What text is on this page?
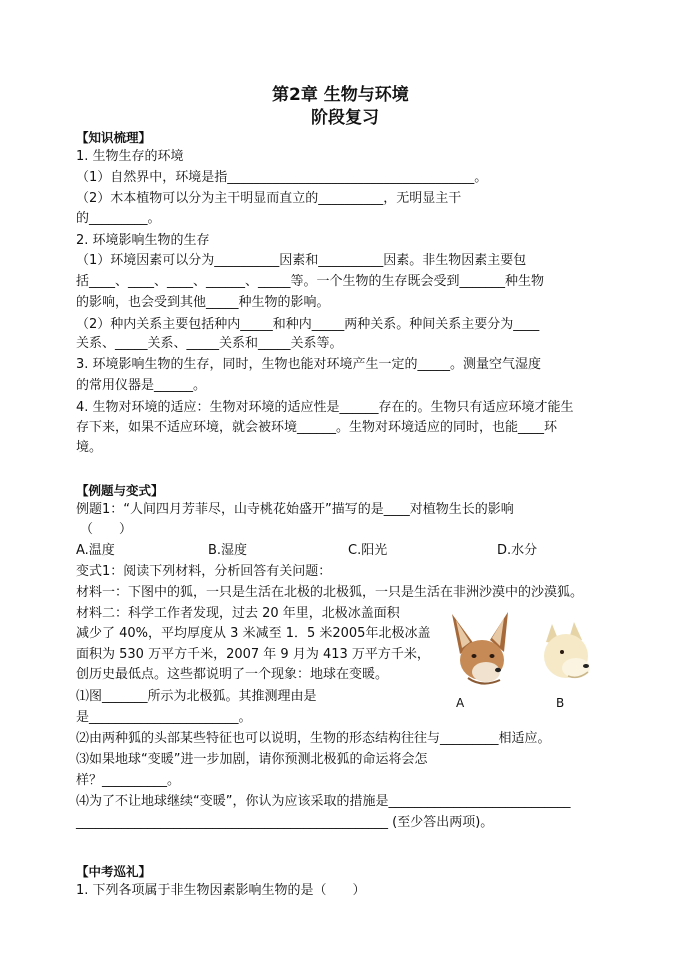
第2章 生物与环境
阶段复习
【知识梳理】
1. 生物生存的环境
（1）自然界中，环境是指______________________________________。
（2）木本植物可以分为主干明显而直立的__________，无明显主干
的_________。
2. 环境影响生物的生存
（1）环境因素可以分为__________因素和__________因素。非生物因素主要包
括____、____、____、______、_____等。一个生物的生存既会受到_______种生物
的影响，也会受到其他_____种生物的影响。
（2）种内关系主要包括种内_____和种内_____两种关系。种间关系主要分为____
关系、_____关系、_____关系和_____关系等。
3. 环境影响生物的生存，同时，生物也能对环境产生一定的_____。测量空气湿度
的常用仪器是______。
4. 生物对环境的适应：生物对环境的适应性是______存在的。生物只有适应环境才能生
存下来，如果不适应环境，就会被环境______。生物对环境适应的同时，也能____环
境。
【例题与变式】
例题1：“人间四月芳菲尽，山寺桃花始盛开”描写的是____对植物生长的影响
（　　）
A.温度	B.湿度	C.阳光	D.水分
变式1：阅读下列材料，分析回答有关问题：
材料一：下图中的狐，一只是生活在北极的北极狐，一只是生活在非洲沙漠中的沙漠狐。
材料二：科学工作者发现，过去 20 年里，北极冰盖面积
减少了 40%，平均厚度从 3 米减至 1．5 米2005年北极冰盖
面积为 530 万平方千米，2007 年 9 月为 413 万平方千米，
创历史最低点。这些都说明了一个现象：地球在变暖。
⑴图_______所示为北极狐。其推测理由是
是_______________________。
⑵由两种狐的头部某些特征也可以说明，生物的形态结构往往与_________相适应。
⑶如果地球“变暖”进一步加剧，请你预测北极狐的命运将会怎
样？__________。
⑷为了不让地球继续“变暖”，你认为应该采取的措施是____________________________
________________________________________________ (至少答出两项)。
A	B
【中考巡礼】
1. 下列各项属于非生物因素影响生物的是（　　）
